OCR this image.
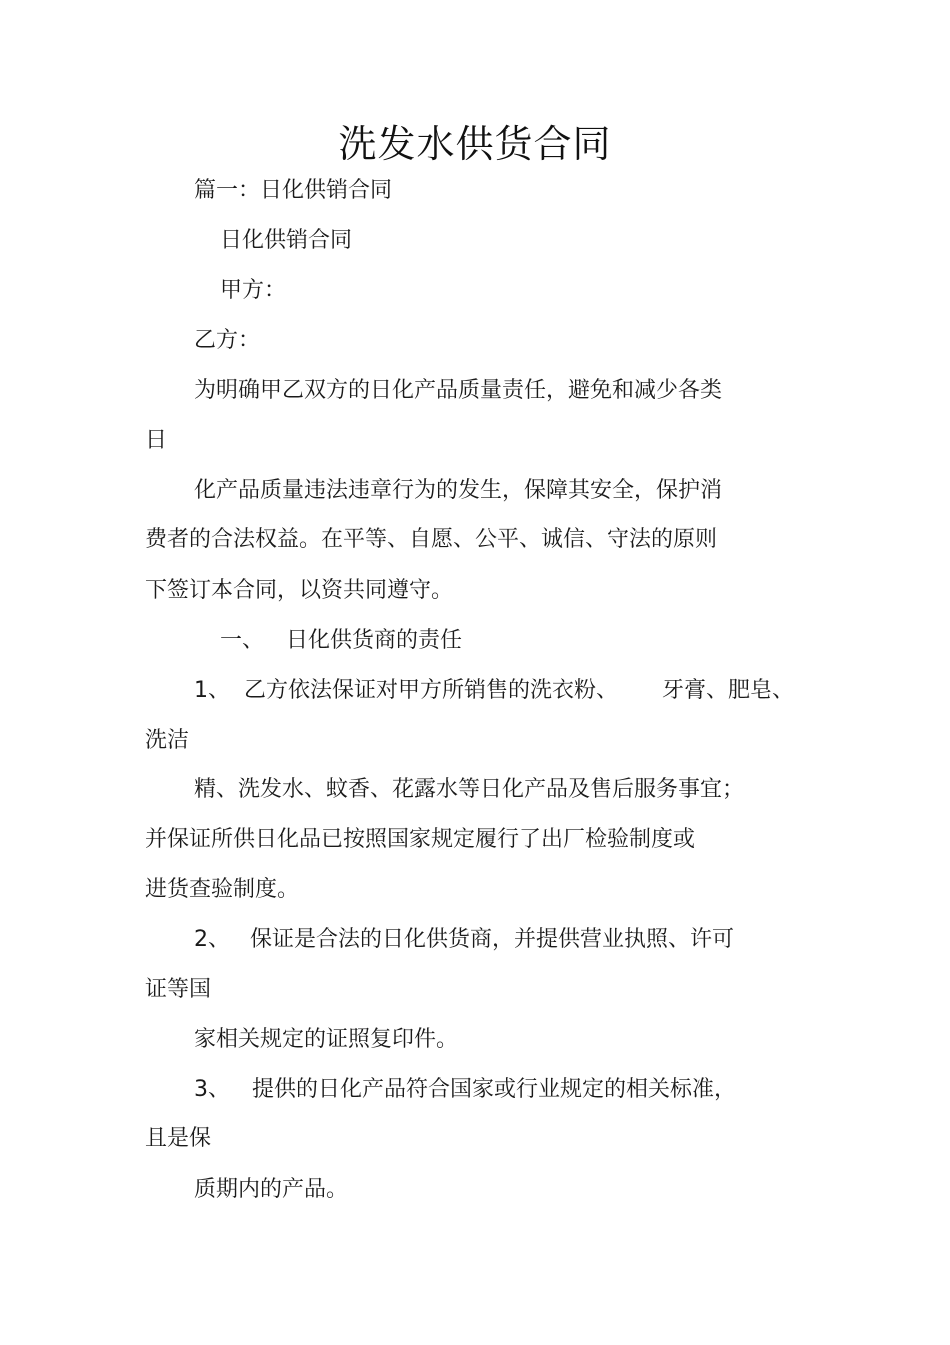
洗发水供货合同
篇一：日化供销合同
日化供销合同
甲方：
乙方：
为明确甲乙双方的日化产品质量责任，避免和减少各类
日
化产品质量违法违章行为的发生，保障其安全，保护消
费者的合法权益。在平等、自愿、公平、诚信、守法的原则
下签订本合同，以资共同遵守。
一、 日化供货商的责任
1、 乙方依法保证对甲方所销售的洗衣粉、 牙膏、肥皂、
洗洁
精、洗发水、蚊香、花露水等日化产品及售后服务事宜；
并保证所供日化品已按照国家规定履行了出厂检验制度或
进货查验制度。
2、 保证是合法的日化供货商，并提供营业执照、许可
证等国
家相关规定的证照复印件。
3、 提供的日化产品符合国家或行业规定的相关标准，
且是保
质期内的产品。
